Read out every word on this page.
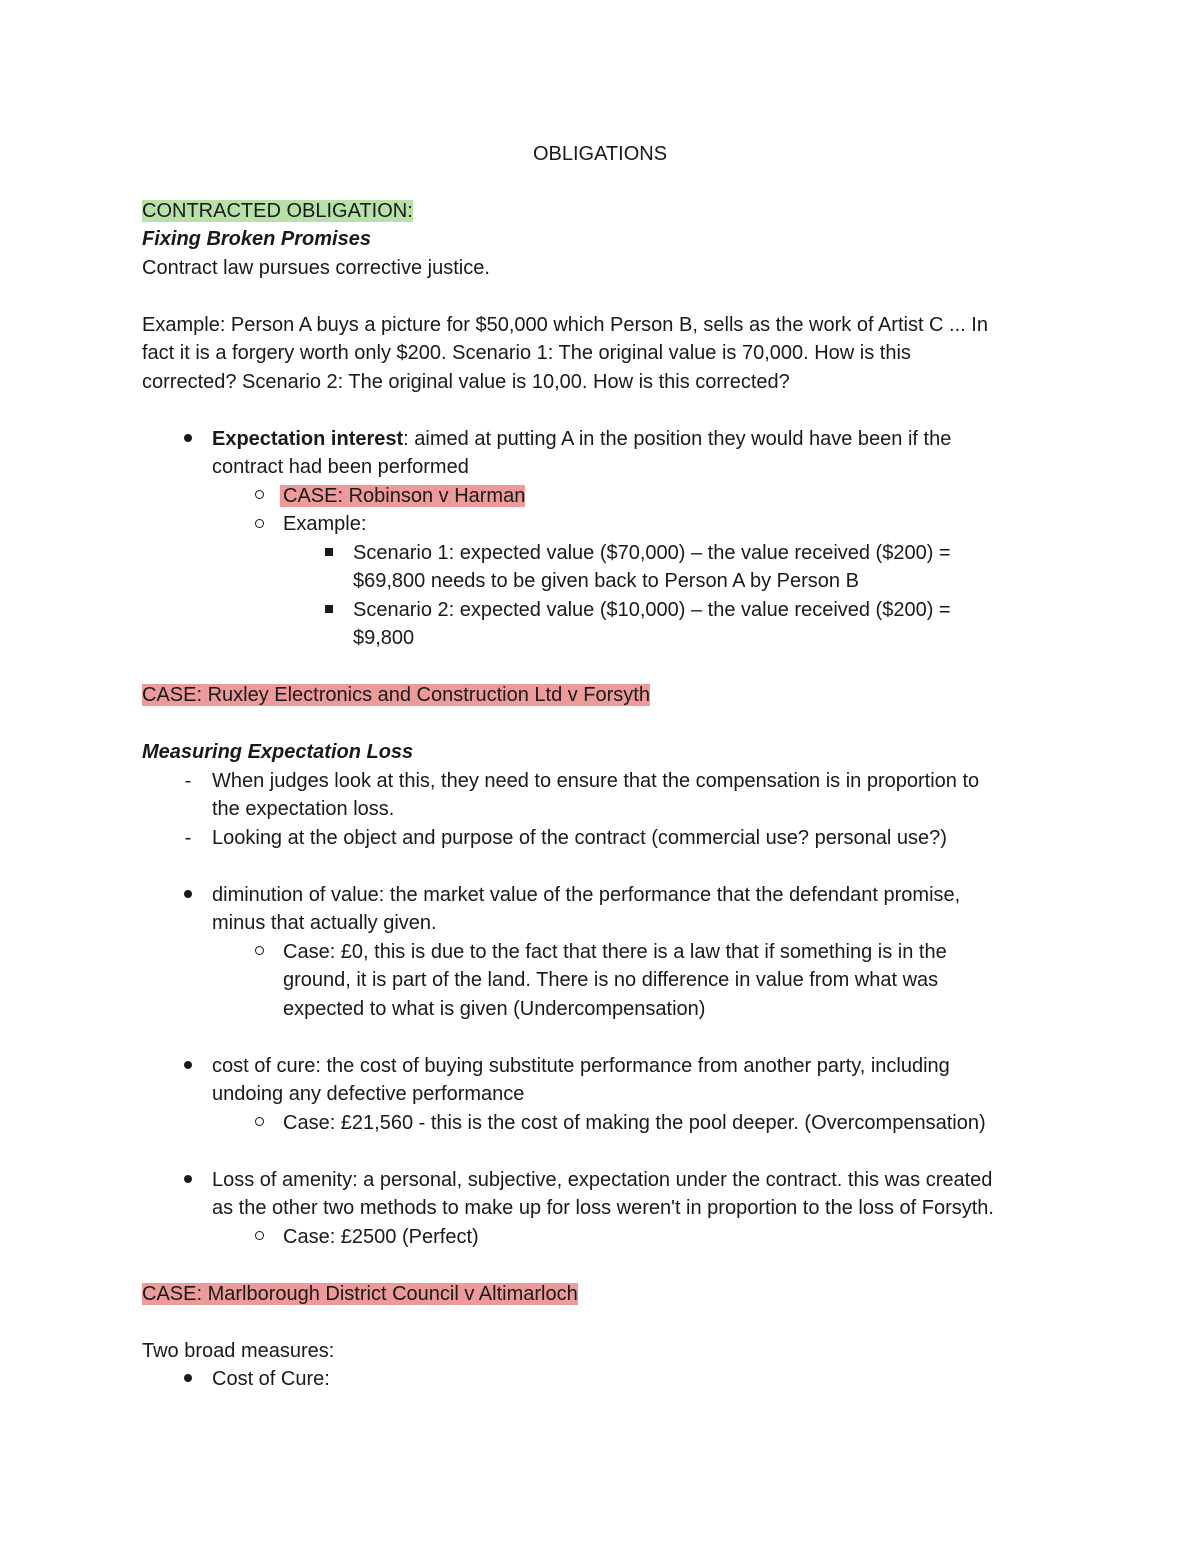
OBLIGATIONS
CONTRACTED OBLIGATION:
Fixing Broken Promises
Contract law pursues corrective justice.
Example: Person A buys a picture for $50,000 which Person B, sells as the work of Artist C ... In
fact it is a forgery worth only $200. Scenario 1: The original value is 70,000. How is this
corrected? Scenario 2: The original value is 10,00. How is this corrected?
Expectation interest: aimed at putting A in the position they would have been if the
contract had been performed
CASE: Robinson v Harman
Example:
Scenario 1: expected value ($70,000) – the value received ($200) =
$69,800 needs to be given back to Person A by Person B
Scenario 2: expected value ($10,000) – the value received ($200) =
$9,800
CASE: Ruxley Electronics and Construction Ltd v Forsyth
Measuring Expectation Loss
-	When judges look at this, they need to ensure that the compensation is in proportion to
the expectation loss.
-	Looking at the object and purpose of the contract (commercial use? personal use?)
diminution of value: the market value of the performance that the defendant promise,
minus that actually given.
Case: £0, this is due to the fact that there is a law that if something is in the
ground, it is part of the land. There is no difference in value from what was
expected to what is given (Undercompensation)
cost of cure: the cost of buying substitute performance from another party, including
undoing any defective performance
Case: £21,560 - this is the cost of making the pool deeper. (Overcompensation)
Loss of amenity: a personal, subjective, expectation under the contract. this was created
as the other two methods to make up for loss weren't in proportion to the loss of Forsyth.
Case: £2500 (Perfect)
CASE: Marlborough District Council v Altimarloch
Two broad measures:
Cost of Cure:
